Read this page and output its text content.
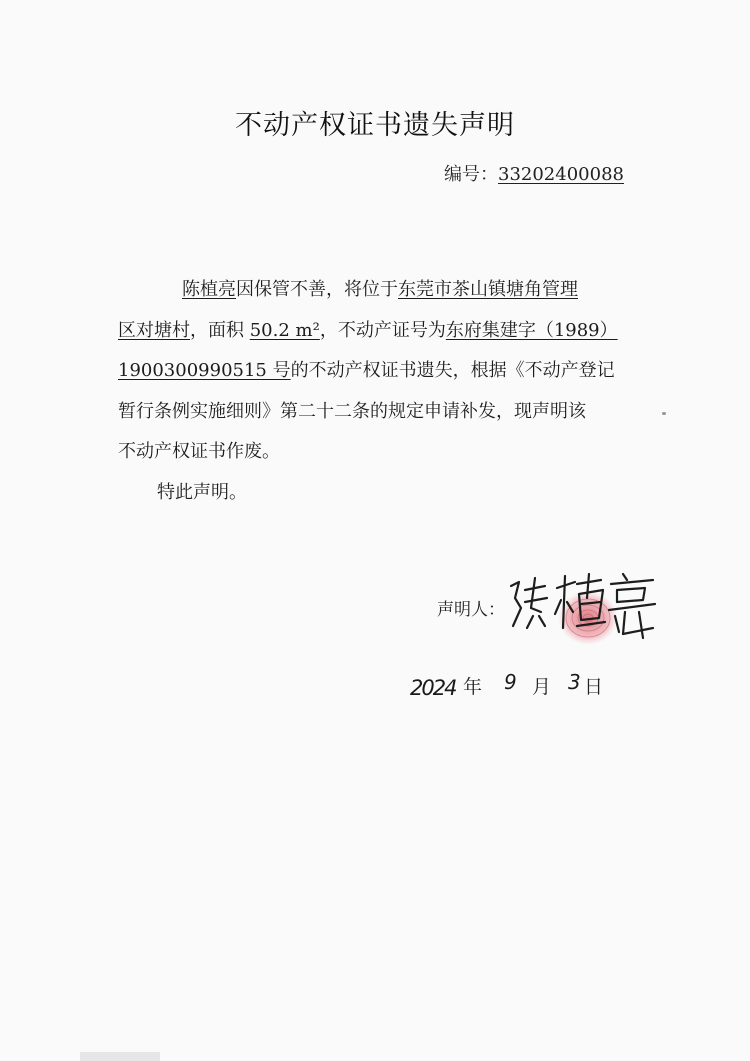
不动产权证书遗失声明
编号：33202400088
陈植亮因保管不善，将位于东莞市茶山镇塘角管理
区对塘村，面积 50.2 m²，不动产证号为东府集建字（1989）
1900300990515 号的不动产权证书遗失，根据《不动产登记
暂行条例实施细则》第二十二条的规定申请补发，现声明该
不动产权证书作废。
特此声明。
声明人：
2024 年 9 月 3 日
